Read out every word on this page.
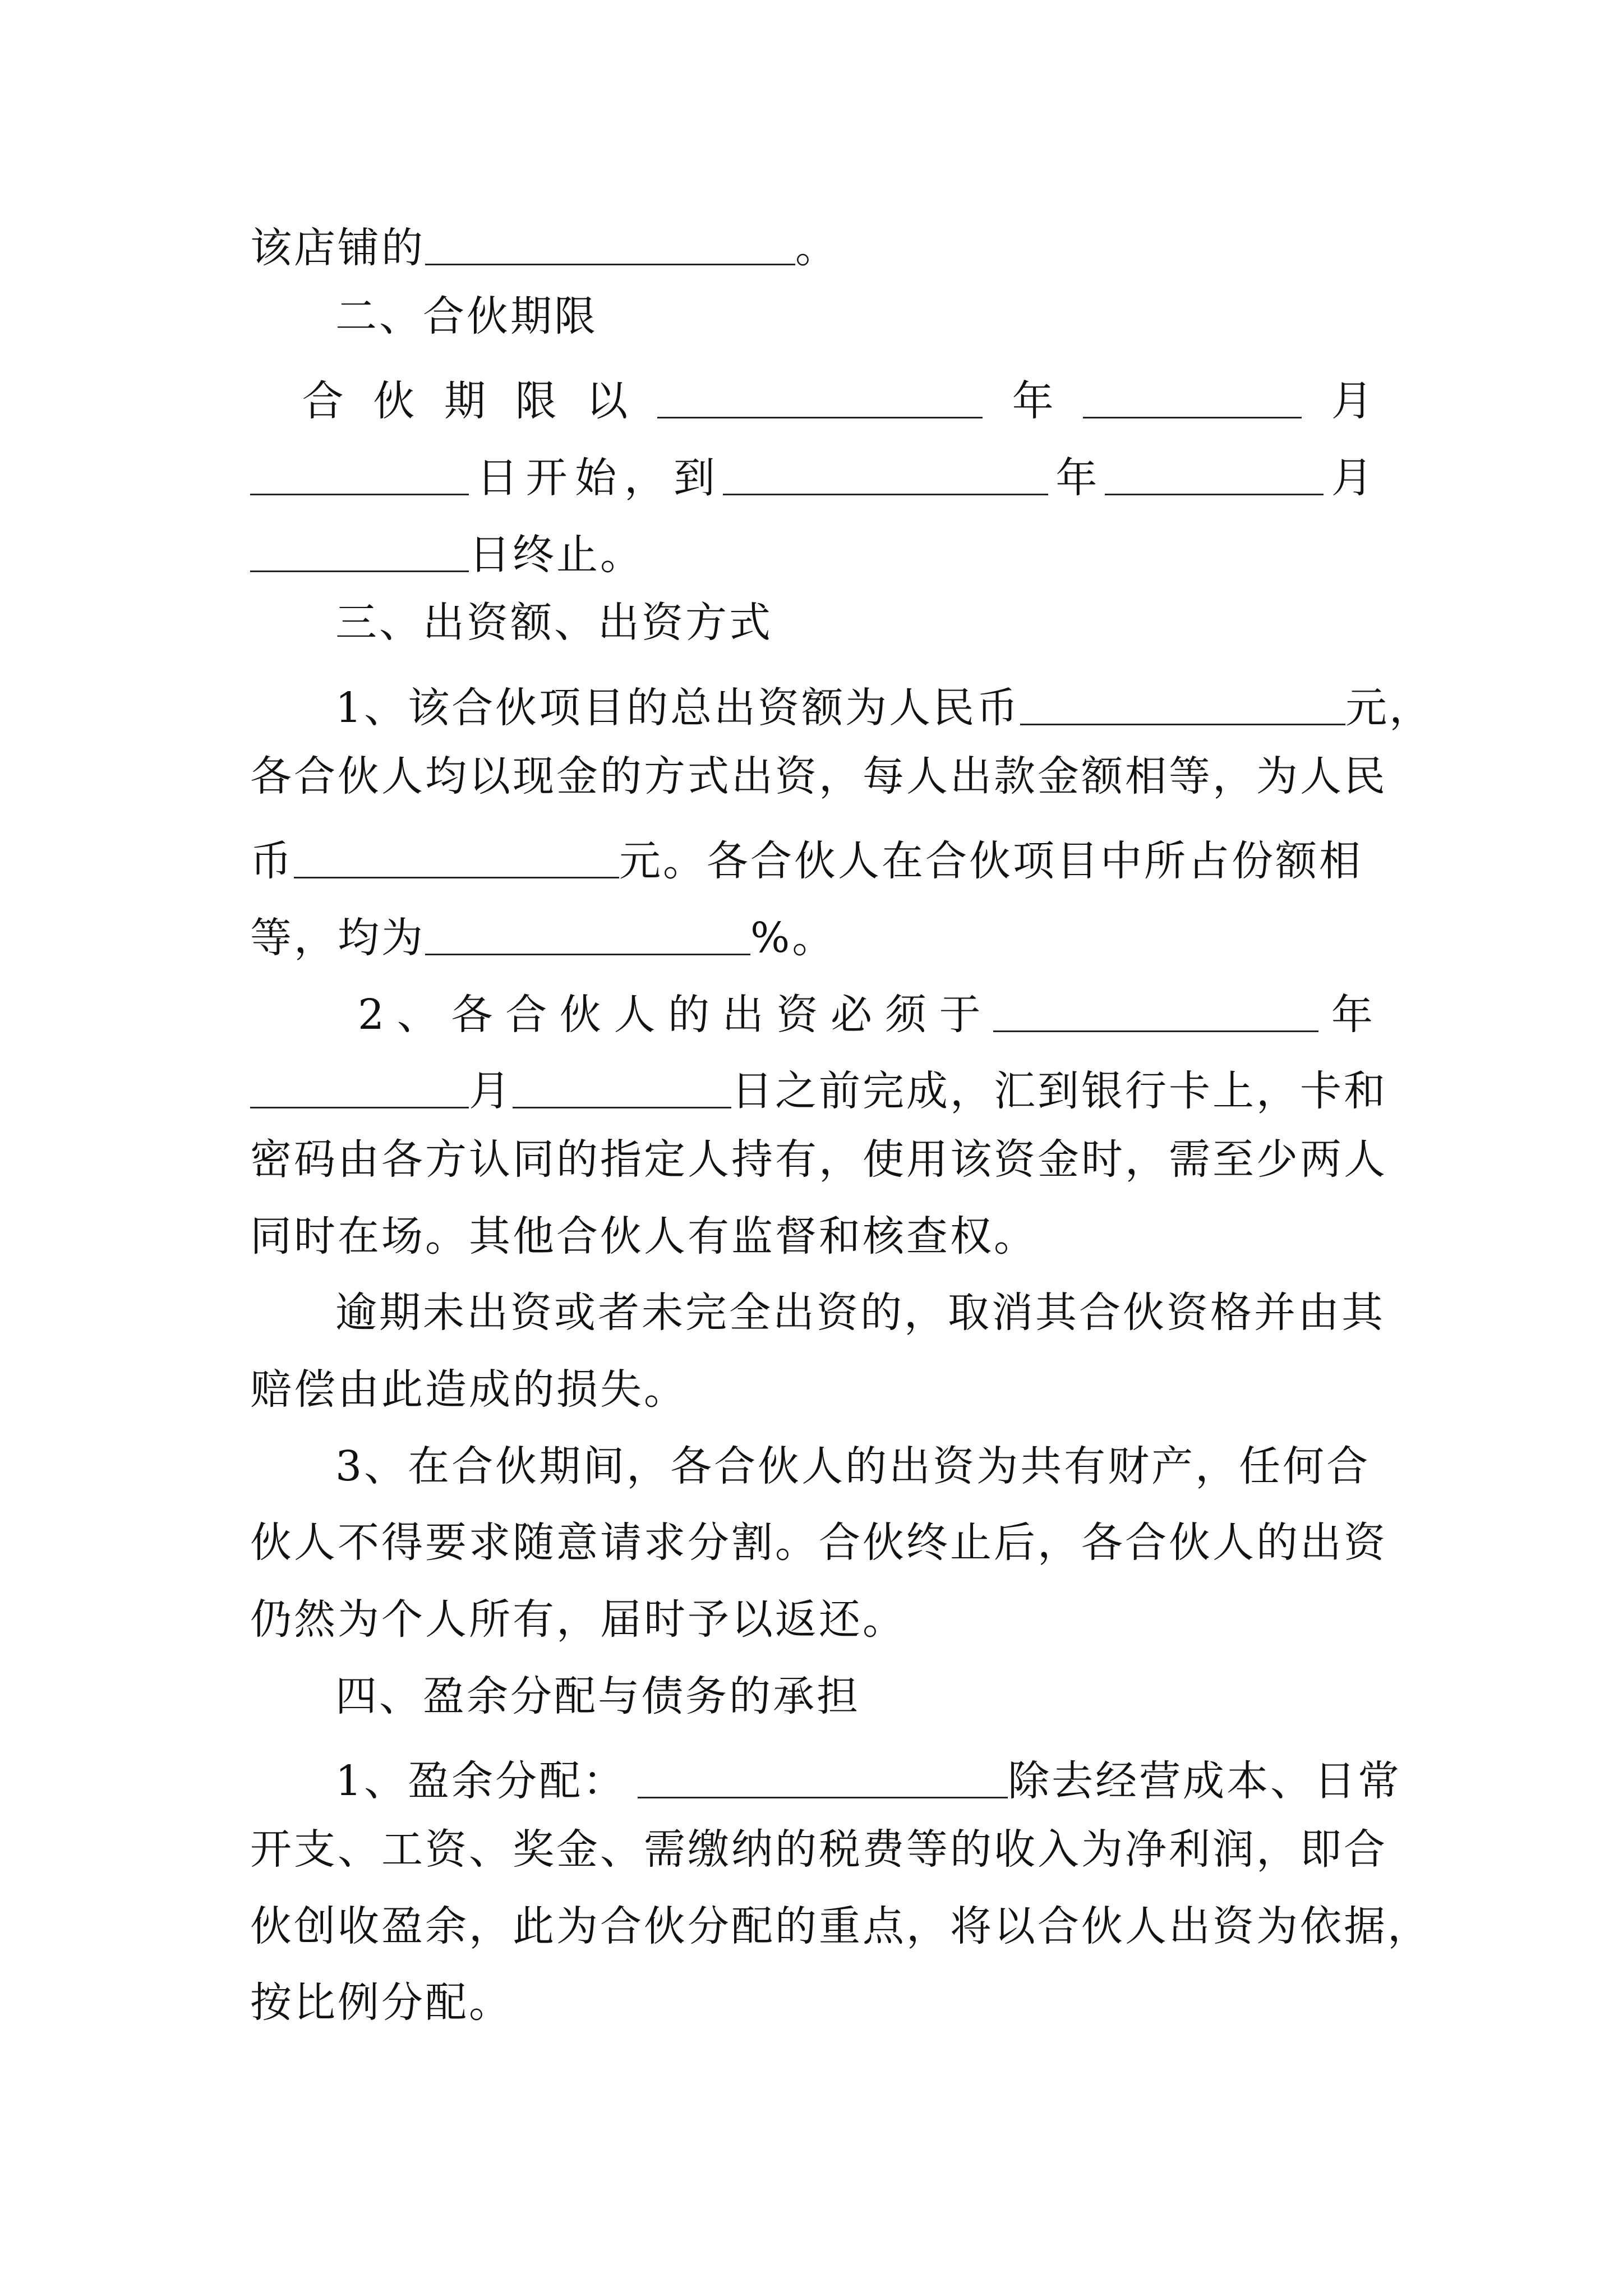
该店铺的	。
二、合伙期限
合 伙 期 限 以	年	月
日 开 始 ， 到	年	月
日终止。
三、出资额、出资方式
1、该合伙项目的总出资额为人民币	元，
各合伙人均以现金的方式出资，每人出款金额相等，为人民
币	元。各合伙人在合伙项目中所占份额相
等，均为	%。
2 、 各 合 伙 人 的 出 资 必 须 于	年
月	日之前完成，汇到银行卡上，卡和
密码由各方认同的指定人持有，使用该资金时，需至少两人
同时在场。其他合伙人有监督和核查权。
逾期未出资或者未完全出资的，取消其合伙资格并由其
赔偿由此造成的损失。
3、在合伙期间，各合伙人的出资为共有财产，任何合
伙人不得要求随意请求分割。合伙终止后，各合伙人的出资
仍然为个人所有，届时予以返还。
四、盈余分配与债务的承担
1、盈余分配：	除去经营成本、日常
开支、工资、奖金、需缴纳的税费等的收入为净利润，即合
伙创收盈余，此为合伙分配的重点，将以合伙人出资为依据，
按比例分配。
